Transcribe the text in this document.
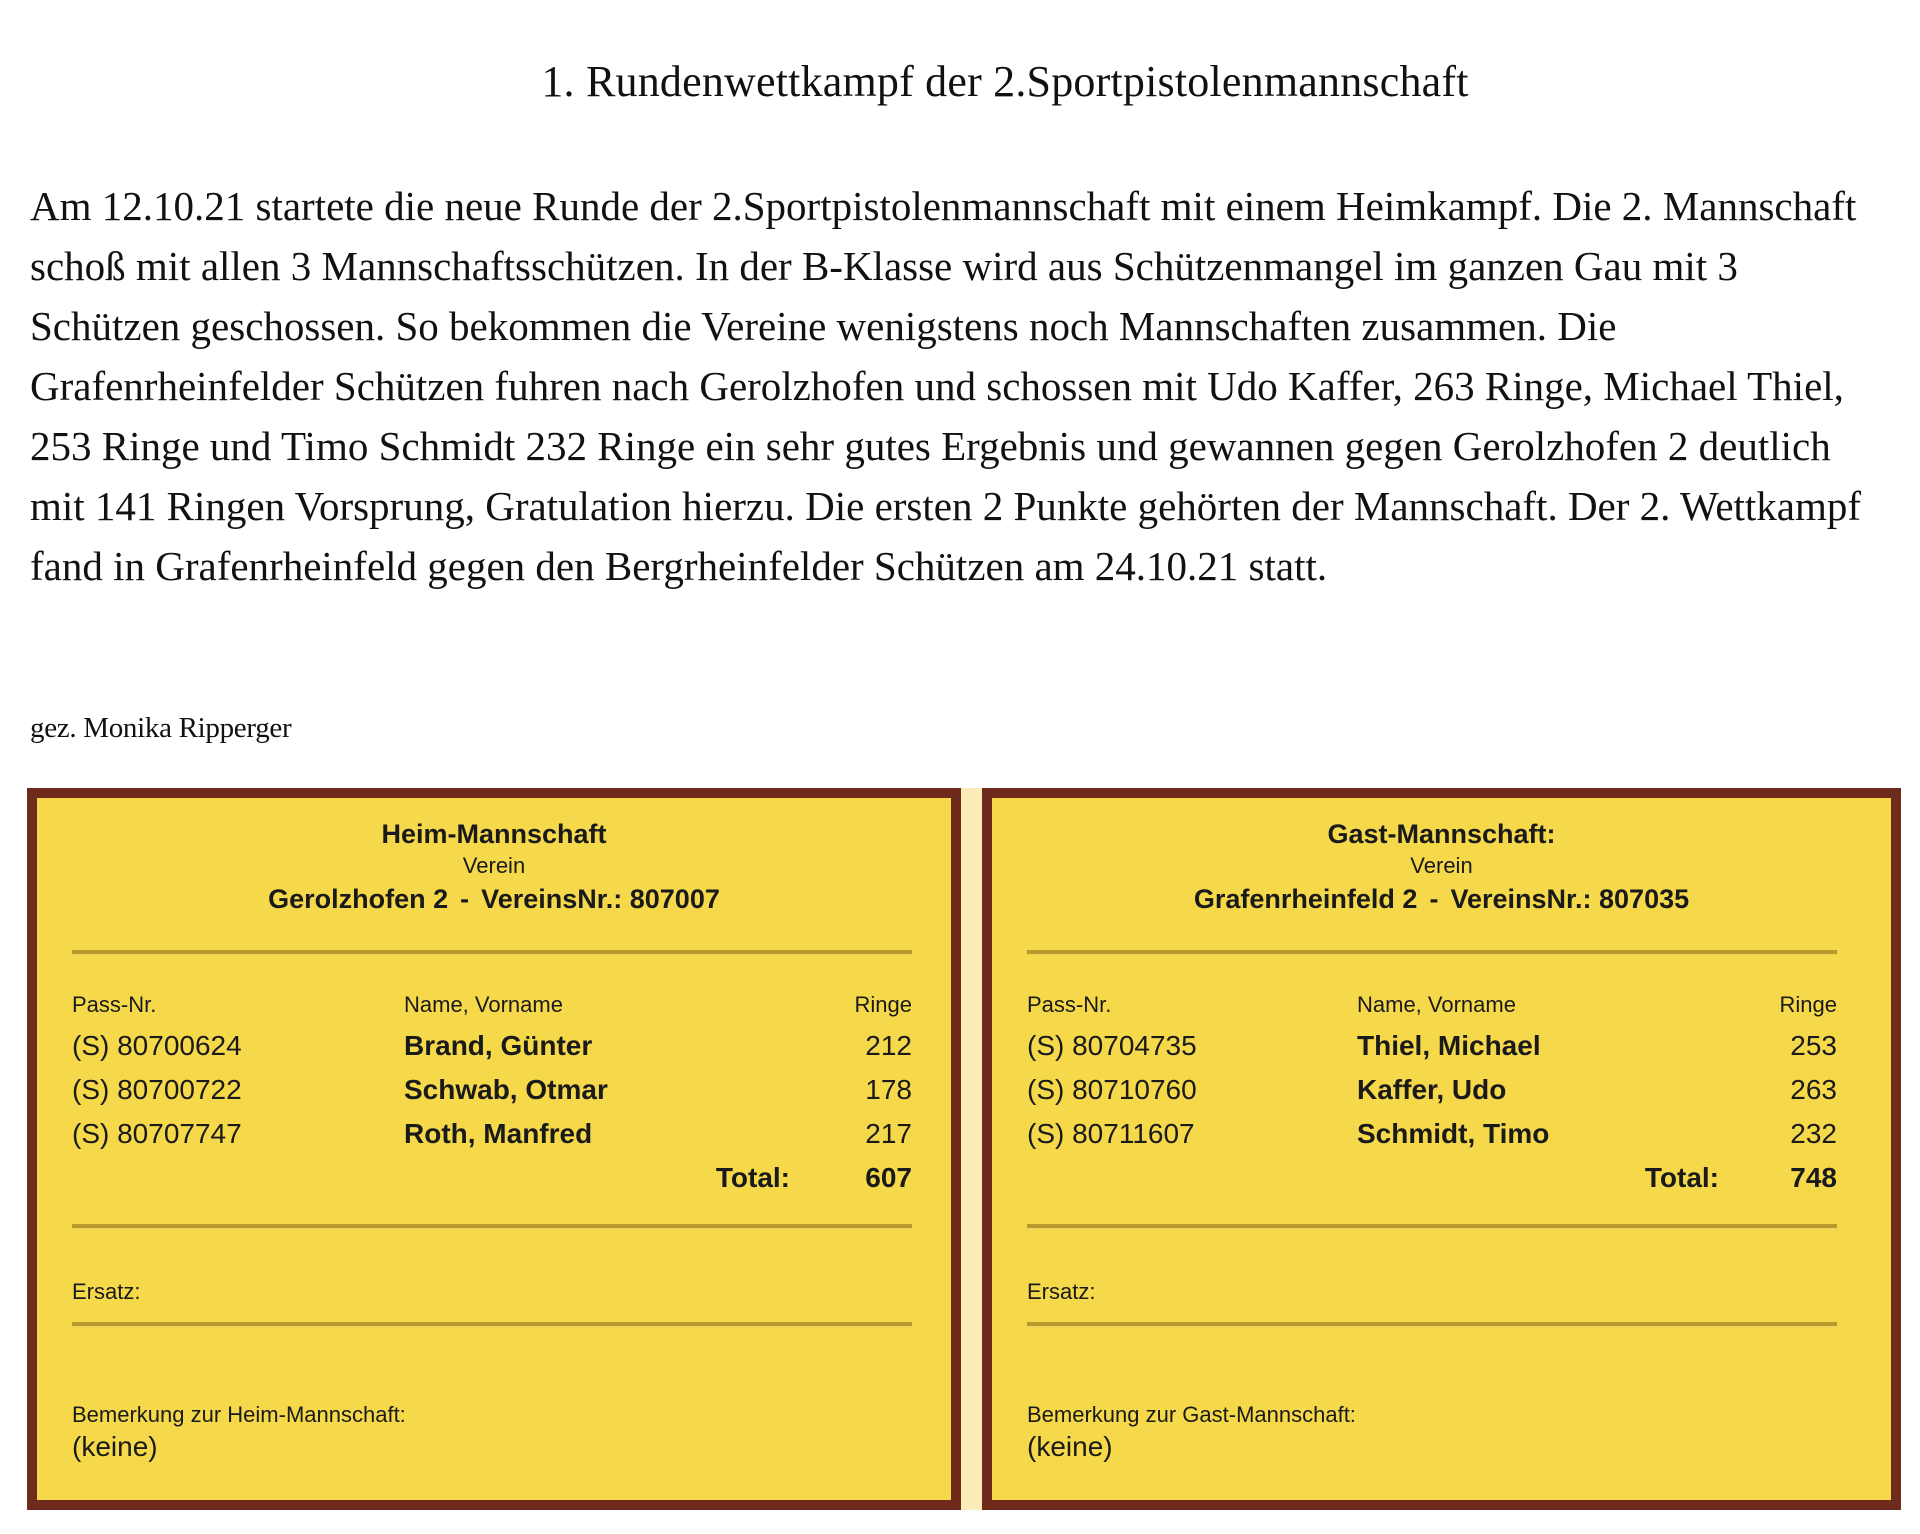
1. Rundenwettkampf der 2.Sportpistolenmannschaft

Am 12.10.21 startete die neue Runde der 2.Sportpistolenmannschaft mit einem Heimkampf. Die 2. Mannschaft schoß mit allen 3 Mannschaftsschützen. In der B-Klasse wird aus Schützenmangel im ganzen Gau mit 3 Schützen geschossen. So bekommen die Vereine wenigstens noch Mannschaften zusammen. Die Grafenrheinfelder Schützen fuhren nach Gerolzhofen und schossen mit Udo Kaffer, 263 Ringe, Michael Thiel, 253 Ringe und Timo Schmidt 232 Ringe ein sehr gutes Ergebnis und gewannen gegen Gerolzhofen 2 deutlich mit 141 Ringen Vorsprung, Gratulation hierzu. Die ersten 2 Punkte gehörten der Mannschaft. Der 2. Wettkampf fand in Grafenrheinfeld gegen den Bergrheinfelder Schützen am 24.10.21 statt.

gez. Monika Ripperger
Heim-Mannschaft
Verein
Gerolzhofen 2 - VereinsNr.: 807007
Pass-Nr.	Name, Vorname	Ringe
(S) 80700624	Brand, Günter	212
(S) 80700722	Schwab, Otmar	178
(S) 80707747	Roth, Manfred	217
Total:	607
Ersatz:
Bemerkung zur Heim-Mannschaft:
(keine)
Gast-Mannschaft:
Verein
Grafenrheinfeld 2 - VereinsNr.: 807035
Pass-Nr.	Name, Vorname	Ringe
(S) 80704735	Thiel, Michael	253
(S) 80710760	Kaffer, Udo	263
(S) 80711607	Schmidt, Timo	232
Total:	748
Ersatz:
Bemerkung zur Gast-Mannschaft:
(keine)
